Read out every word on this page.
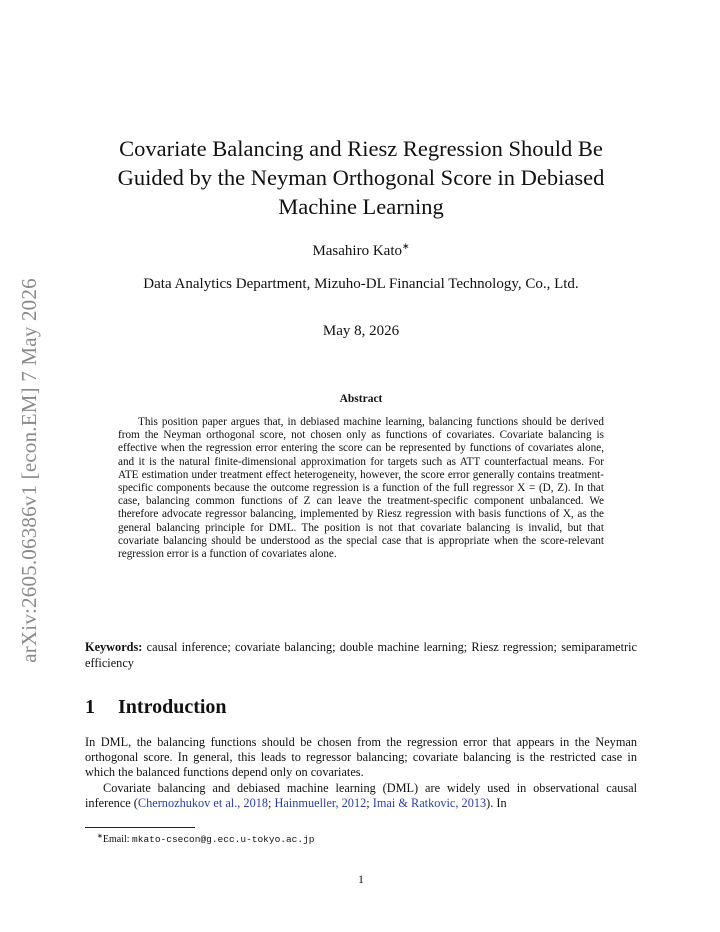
arXiv:2605.06386v1 [econ.EM] 7 May 2026
Covariate Balancing and Riesz Regression Should Be Guided by the Neyman Orthogonal Score in Debiased Machine Learning
Masahiro Kato∗
Data Analytics Department, Mizuho-DL Financial Technology, Co., Ltd.
May 8, 2026
Abstract

This position paper argues that, in debiased machine learning, balancing functions should be derived from the Neyman orthogonal score, not chosen only as functions of covariates. Covariate balancing is effective when the regression error entering the score can be represented by functions of covariates alone, and it is the natural finite-dimensional approximation for targets such as ATT counterfactual means. For ATE estimation under treatment effect heterogeneity, however, the score error generally contains treatment-specific components because the outcome regression is a function of the full regressor X = (D, Z). In that case, balancing common functions of Z can leave the treatment-specific component unbalanced. We therefore advocate regressor balancing, implemented by Riesz regression with basis functions of X, as the general balancing principle for DML. The position is not that covariate balancing is invalid, but that covariate balancing should be understood as the special case that is appropriate when the score-relevant regression error is a function of covariates alone.

Keywords: causal inference; covariate balancing; double machine learning; Riesz regression; semiparametric efficiency

1 Introduction

In DML, the balancing functions should be chosen from the regression error that appears in the Neyman orthogonal score. In general, this leads to regressor balancing; covariate balancing is the restricted case in which the balanced functions depend only on covariates.

Covariate balancing and debiased machine learning (DML) are widely used in observational causal inference (Chernozhukov et al., 2018; Hainmueller, 2012; Imai & Ratkovic, 2013). In

∗Email: mkato-csecon@g.ecc.u-tokyo.ac.jp
1
